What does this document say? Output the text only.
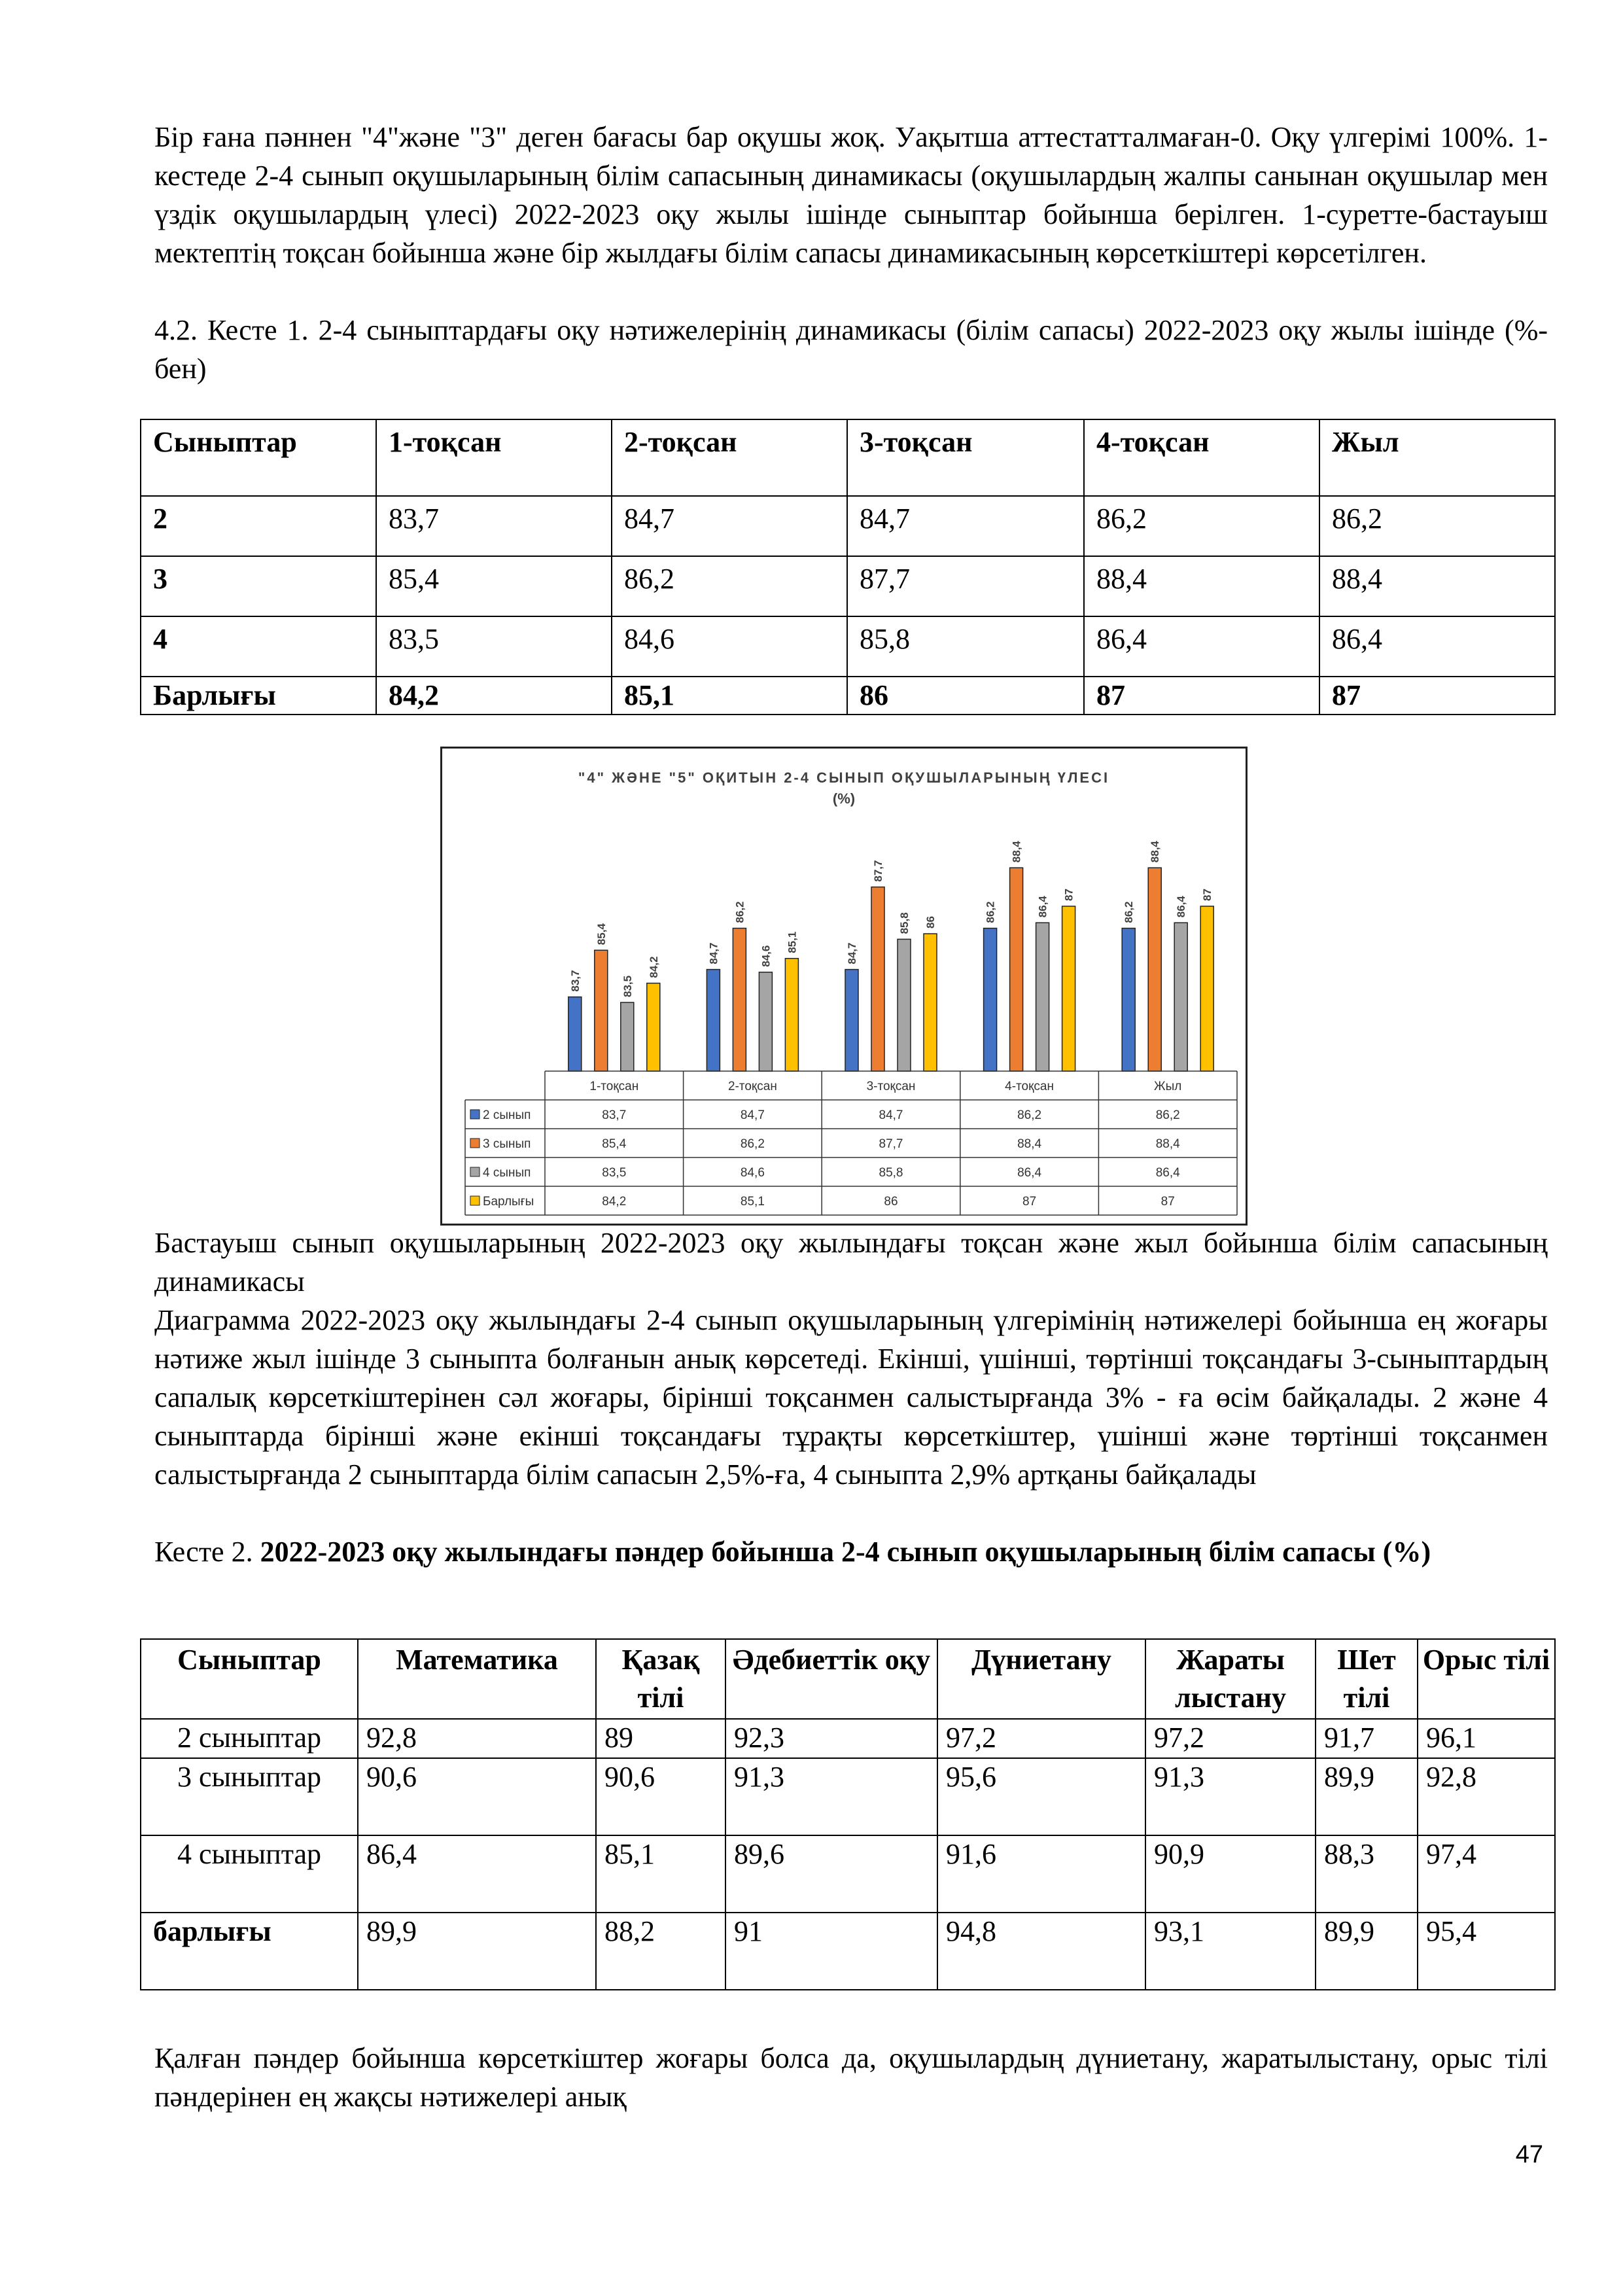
Бір ғана пәннен "4"және "3" деген бағасы бар оқушы жоқ. Уақытша аттестатталмаған-0. Оқу үлгерімі 100%. 1-кестеде 2-4 сынып оқушыларының білім сапасының динамикасы (оқушылардың жалпы санынан оқушылар мен үздік оқушылардың үлесі) 2022-2023 оқу жылы ішінде сыныптар бойынша берілген. 1-суретте-бастауыш мектептің тоқсан бойынша және бір жылдағы білім сапасы динамикасының көрсеткіштері көрсетілген.

4.2. Кесте 1. 2-4 сыныптардағы оқу нәтижелерінің динамикасы (білім сапасы) 2022-2023 оқу жылы ішінде (%-бен)

Сыныптар	1-тоқсан	2-тоқсан	3-тоқсан	4-тоқсан	Жыл
2	83,7	84,7	84,7	86,2	86,2
3	85,4	86,2	87,7	88,4	88,4
4	83,5	84,6	85,8	86,4	86,4
Барлығы	84,2	85,1	86	87	87
"4" ЖӘНЕ "5" ОҚИТЫН 2-4 СЫНЫП ОҚУШЫЛАРЫНЫҢ ҮЛЕСІ
(%)
83,7
84,7	84,7
86,2	86,2
85,4
86,2
87,7
88,4	88,4
83,5
84,6
85,8
86,4	86,4
84,2
85,1
86
87	87
1-тоқсан	2-тоқсан	3-тоқсан	4-тоқсан	Жыл
2 сынып	83,7	84,7	84,7	86,2	86,2
3 сынып	85,4	86,2	87,7	88,4	88,4
4 сынып	83,5	84,6	85,8	86,4	86,4
Барлығы	84,2	85,1	86	87	87

Бастауыш сынып оқушыларының 2022-2023 оқу жылындағы тоқсан және жыл бойынша білім сапасының динамикасы

Диаграмма 2022-2023 оқу жылындағы 2-4 сынып оқушыларының үлгерімінің нәтижелері бойынша ең жоғары нәтиже жыл ішінде 3 сыныпта болғанын анық көрсетеді. Екінші, үшінші, төртінші тоқсандағы 3-сыныптардың сапалық көрсеткіштерінен сәл жоғары, бірінші тоқсанмен салыстырғанда 3% - ға өсім байқалады. 2 және 4 сыныптарда бірінші және екінші тоқсандағы тұрақты көрсеткіштер, үшінші және төртінші тоқсанмен салыстырғанда 2 сыныптарда білім сапасын 2,5%-ға, 4 сыныпта 2,9% артқаны байқалады

Кесте 2. 2022-2023 оқу жылындағы пәндер бойынша 2-4 сынып оқушыларының білім сапасы (%)

Сыныптар	Математика	Қазақ тілі	Әдебиеттік оқу	Дүниетану	Жараты лыстану	Шет тілі	Орыс тілі
2 сыныптар	92,8	89	92,3	97,2	97,2	91,7	96,1
3 сыныптар	90,6	90,6	91,3	95,6	91,3	89,9	92,8
4 сыныптар	86,4	85,1	89,6	91,6	90,9	88,3	97,4
барлығы	89,9	88,2	91	94,8	93,1	89,9	95,4

Қалған пәндер бойынша көрсеткіштер жоғары болса да, оқушылардың дүниетану, жаратылыстану, орыс тілі пәндерінен ең жақсы нәтижелері анық

47
